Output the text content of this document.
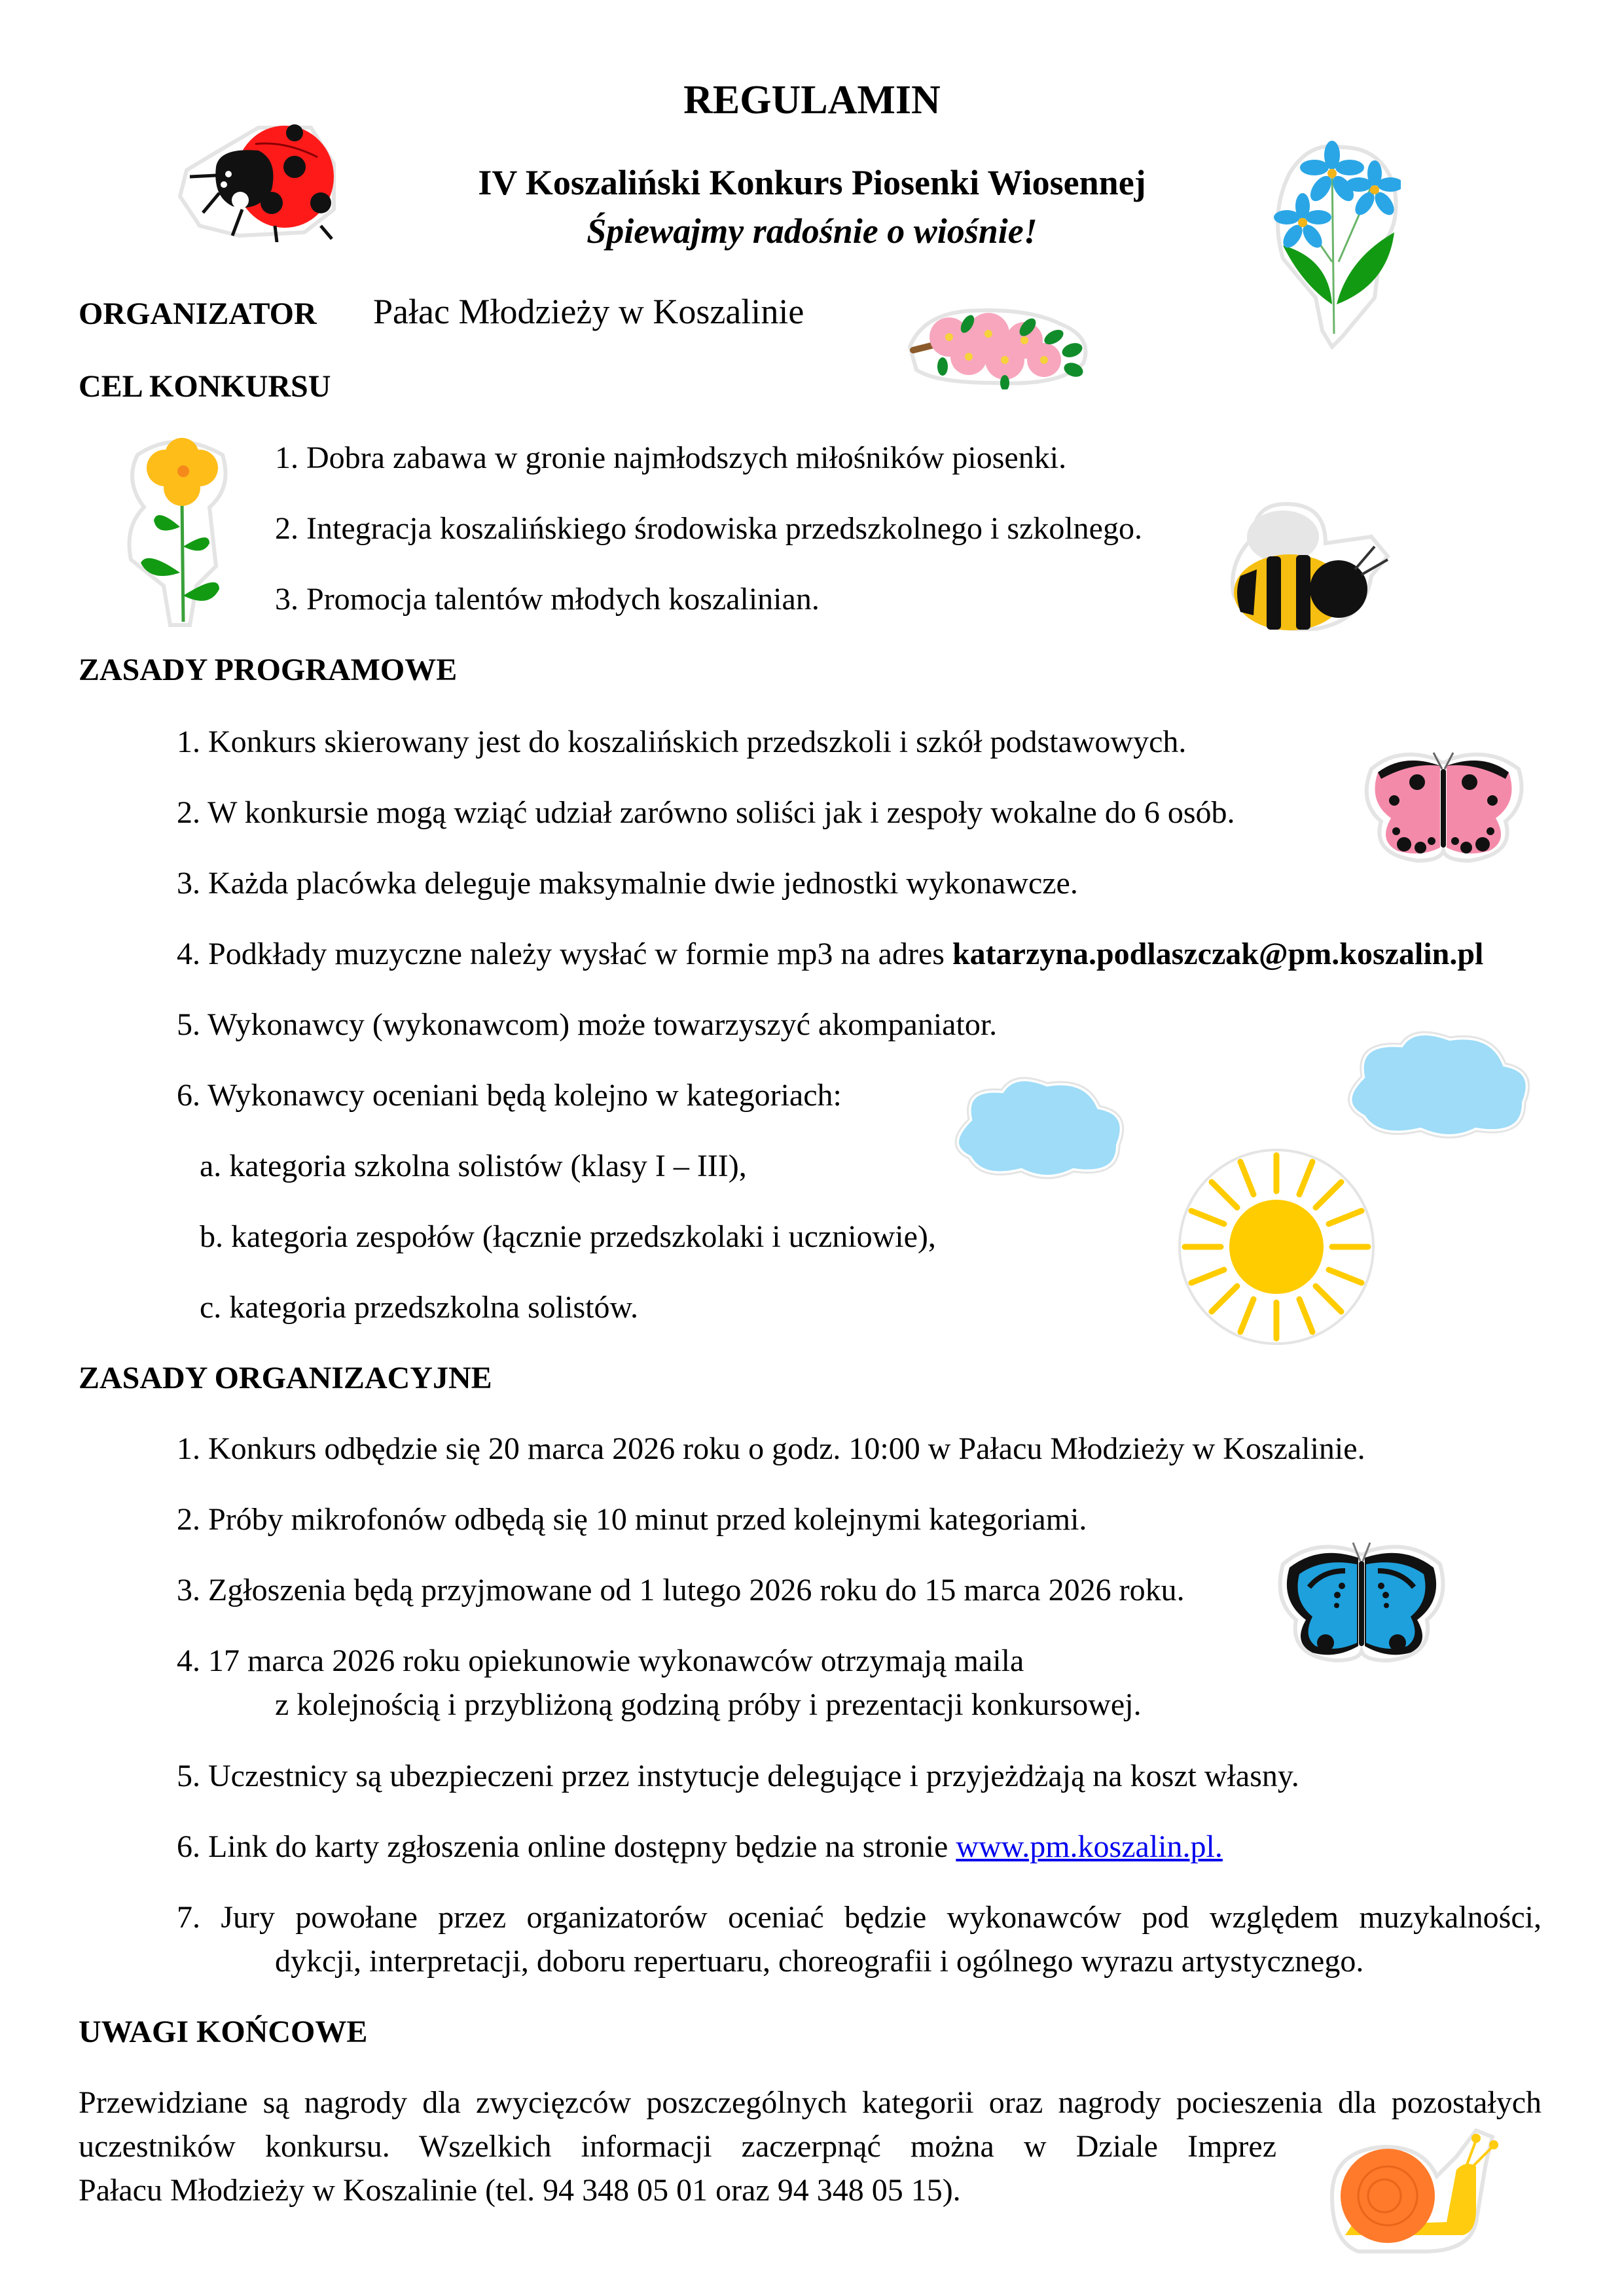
REGULAMIN
IV Koszaliński Konkurs Piosenki Wiosennej
Śpiewajmy radośnie o wiośnie!
ORGANIZATOR Pałac Młodzieży w Koszalinie
CEL KONKURSU
1. Dobra zabawa w gronie najmłodszych miłośników piosenki.
2. Integracja koszalińskiego środowiska przedszkolnego i szkolnego.
3. Promocja talentów młodych koszalinian.
ZASADY PROGRAMOWE
1. Konkurs skierowany jest do koszalińskich przedszkoli i szkół podstawowych.
2. W konkursie mogą wziąć udział zarówno soliści jak i zespoły wokalne do 6 osób.
3. Każda placówka deleguje maksymalnie dwie jednostki wykonawcze.
4. Podkłady muzyczne należy wysłać w formie mp3 na adres katarzyna.podlaszczak@pm.koszalin.pl
5. Wykonawcy (wykonawcom) może towarzyszyć akompaniator.
6. Wykonawcy oceniani będą kolejno w kategoriach:
a. kategoria szkolna solistów (klasy I – III),
b. kategoria zespołów (łącznie przedszkolaki i uczniowie),
c. kategoria przedszkolna solistów.
ZASADY ORGANIZACYJNE
1. Konkurs odbędzie się 20 marca 2026 roku o godz. 10:00 w Pałacu Młodzieży w Koszalinie.
2. Próby mikrofonów odbędą się 10 minut przed kolejnymi kategoriami.
3. Zgłoszenia będą przyjmowane od 1 lutego 2026 roku do 15 marca 2026 roku.
4. 17 marca 2026 roku opiekunowie wykonawców otrzymają maila
z kolejnością i przybliżoną godziną próby i prezentacji konkursowej.
5. Uczestnicy są ubezpieczeni przez instytucje delegujące i przyjeżdżają na koszt własny.
6. Link do karty zgłoszenia online dostępny będzie na stronie www.pm.koszalin.pl.
7. Jury powołane przez organizatorów oceniać będzie wykonawców pod względem muzykalności,
dykcji, interpretacji, doboru repertuaru, choreografii i ogólnego wyrazu artystycznego.
UWAGI KOŃCOWE
Przewidziane są nagrody dla zwycięzców poszczególnych kategorii oraz nagrody pocieszenia dla pozostałych
uczestników konkursu. Wszelkich informacji zaczerpnąć można w Dziale Imprez
Pałacu Młodzieży w Koszalinie (tel. 94 348 05 01 oraz 94 348 05 15).
